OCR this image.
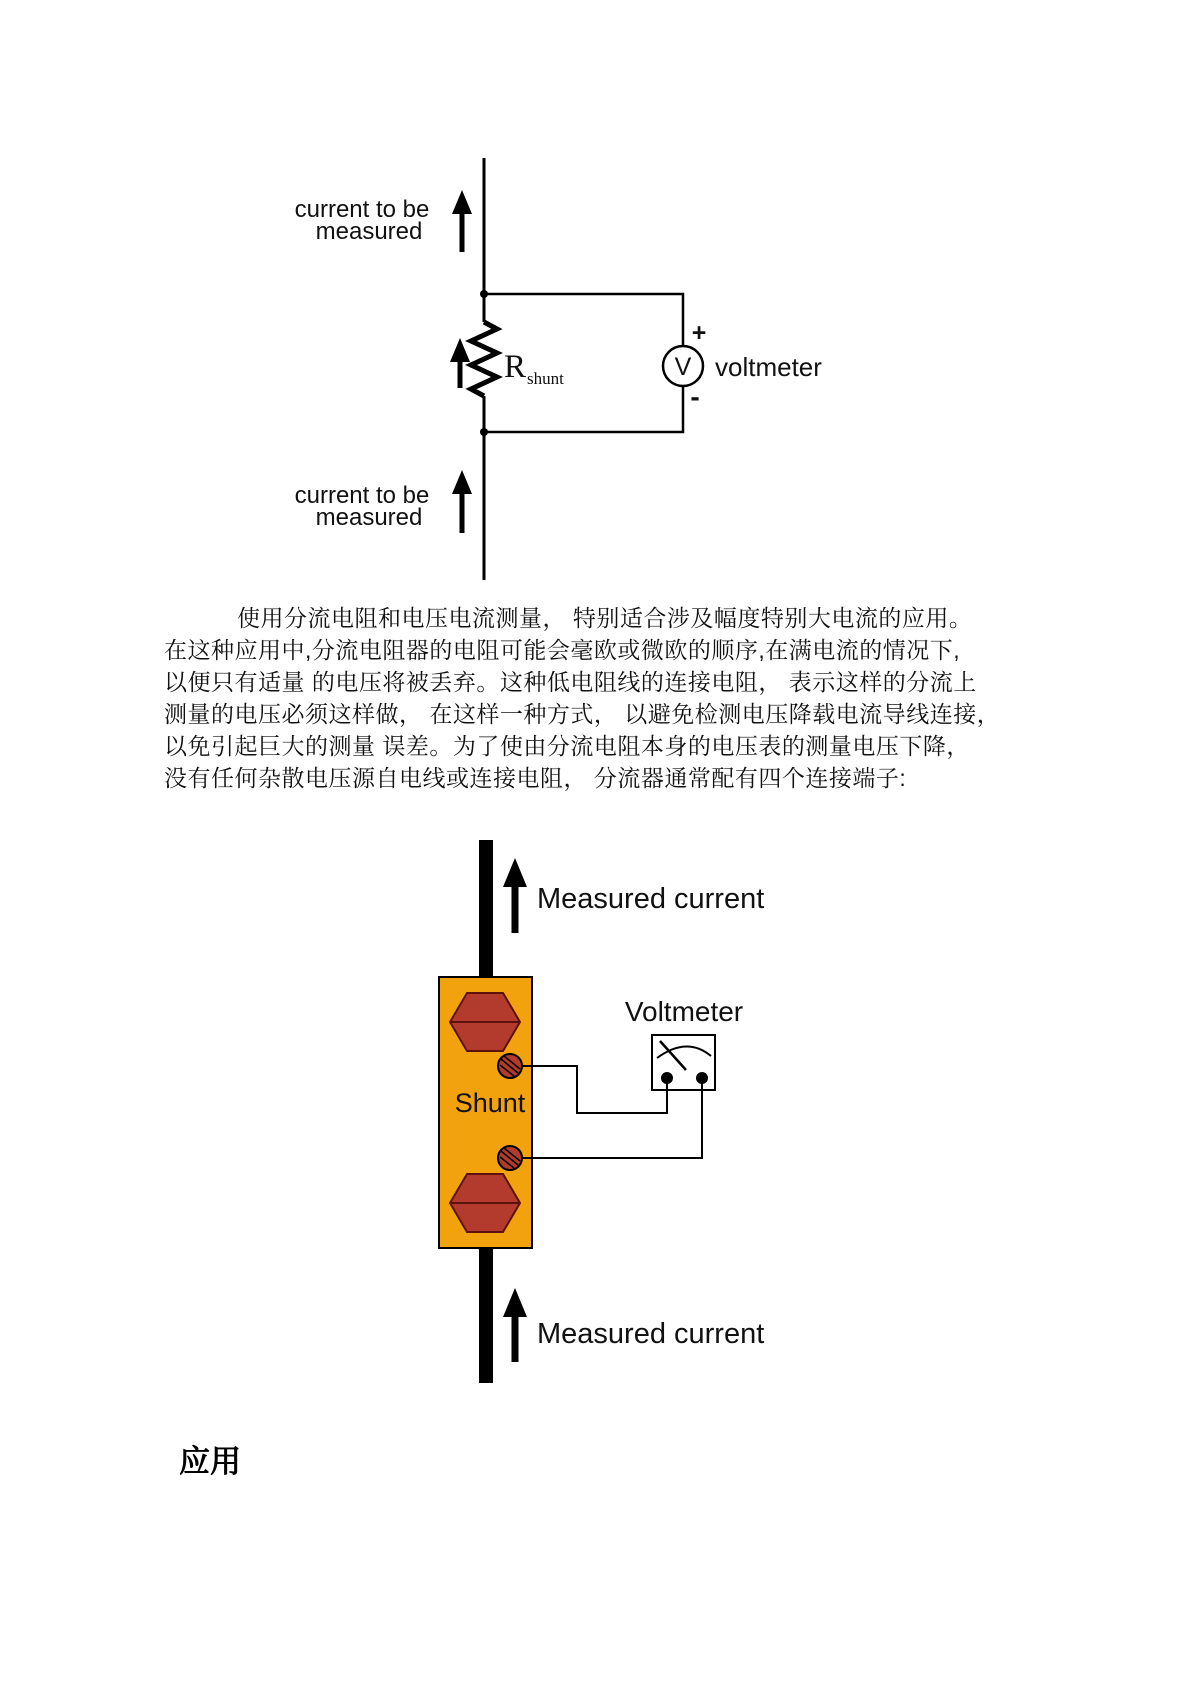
V
+
-
voltmeter
R shunt
current to be
measured
current to be
measured
使用分流电阻和电压电流测量， 特别适合涉及幅度特别大电流的应用。
在这种应用中,分流电阻器的电阻可能会毫欧或微欧的顺序,在满电流的情况下,
以便只有适量 的电压将被丢弃。这种低电阻线的连接电阻， 表示这样的分流上
测量的电压必须这样做， 在这样一种方式， 以避免检测电压降载电流导线连接，
以免引起巨大的测量 误差。为了使由分流电阻本身的电压表的测量电压下降，
没有任何杂散电压源自电线或连接电阻， 分流器通常配有四个连接端子:
Shunt
Voltmeter
Measured current
Measured current
应用
